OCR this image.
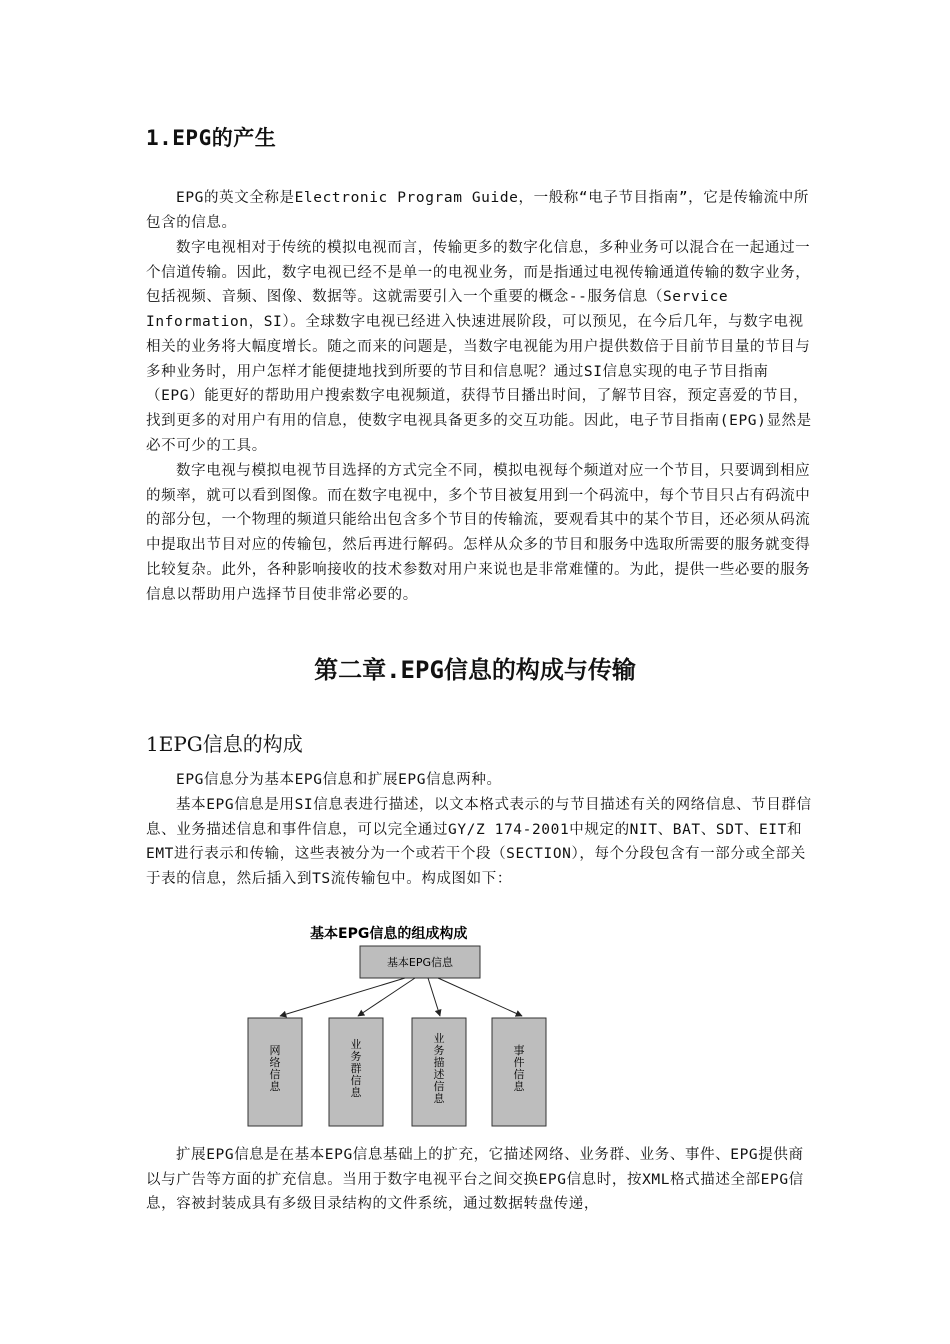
1.EPG的产生

EPG的英文全称是Electronic Program Guide，一般称“电子节目指南”，它是传输流中所包含的信息。

数字电视相对于传统的模拟电视而言，传输更多的数字化信息，多种业务可以混合在一起通过一个信道传输。因此，数字电视已经不是单一的电视业务，而是指通过电视传输通道传输的数字业务，包括视频、音频、图像、数据等。这就需要引入一个重要的概念--服务信息（Service Information，SI）。全球数字电视已经进入快速进展阶段，可以预见，在今后几年，与数字电视相关的业务将大幅度增长。随之而来的问题是，当数字电视能为用户提供数倍于目前节目量的节目与多种业务时，用户怎样才能便捷地找到所要的节目和信息呢？通过SI信息实现的电子节目指南（EPG）能更好的帮助用户搜索数字电视频道，获得节目播出时间，了解节目容，预定喜爱的节目，找到更多的对用户有用的信息，使数字电视具备更多的交互功能。因此，电子节目指南(EPG)显然是必不可少的工具。

数字电视与模拟电视节目选择的方式完全不同，模拟电视每个频道对应一个节目，只要调到相应的频率，就可以看到图像。而在数字电视中，多个节目被复用到一个码流中，每个节目只占有码流中的部分包，一个物理的频道只能给出包含多个节目的传输流，要观看其中的某个节目，还必须从码流中提取出节目对应的传输包，然后再进行解码。怎样从众多的节目和服务中选取所需要的服务就变得比较复杂。此外，各种影响接收的技术参数对用户来说也是非常难懂的。为此，提供一些必要的服务信息以帮助用户选择节目使非常必要的。

第二章.EPG信息的构成与传输
1EPG信息的构成

EPG信息分为基本EPG信息和扩展EPG信息两种。

基本EPG信息是用SI信息表进行描述，以文本格式表示的与节目描述有关的网络信息、节目群信息、业务描述信息和事件信息，可以完全通过GY/Z 174-2001中规定的NIT、BAT、SDT、EIT和EMT进行表示和传输，这些表被分为一个或若干个段（SECTION），每个分段包含有一部分或全部关于表的信息，然后插入到TS流传输包中。构成图如下：

基本EPG信息的组成构成
基本EPG信息
网络信息
业务群信息
业务描述信息
事件信息

扩展EPG信息是在基本EPG信息基础上的扩充，它描述网络、业务群、业务、事件、EPG提供商以与广告等方面的扩充信息。当用于数字电视平台之间交换EPG信息时，按XML格式描述全部EPG信息，容被封装成具有多级目录结构的文件系统，通过数据转盘传递，
